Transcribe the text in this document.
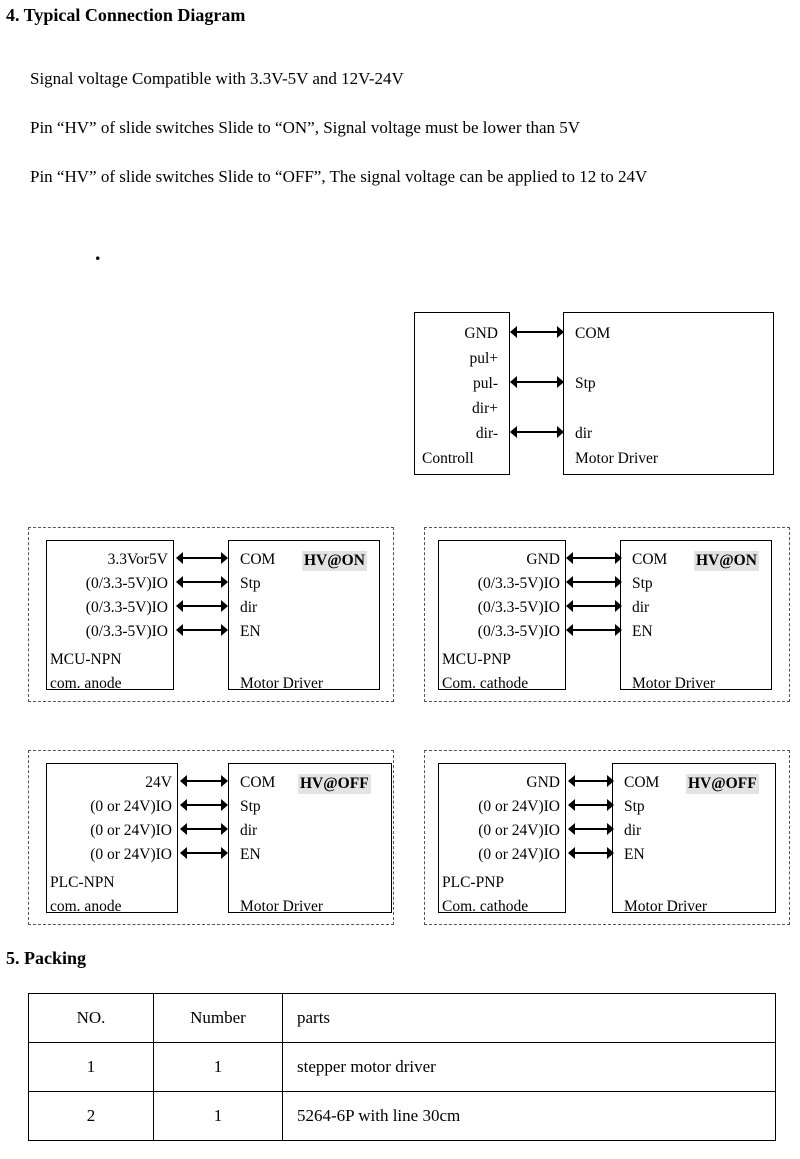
4. Typical Connection Diagram
Signal voltage Compatible with 3.3V-5V and 12V-24V
Pin “HV” of slide switches Slide to “ON”, Signal voltage must be lower than 5V
Pin “HV” of slide switches Slide to “OFF”, The signal voltage can be applied to 12 to 24V
.
GND
pul+
pul-
dir+
dir-
Controll
COM
Stp
dir
Motor Driver
3.3Vor5V
(0/3.3-5V)IO
(0/3.3-5V)IO
(0/3.3-5V)IO
MCU-NPN
com. anode
COM
Stp
dir
EN
Motor Driver
HV@ON	GND
(0/3.3-5V)IO
(0/3.3-5V)IO
(0/3.3-5V)IO
MCU-PNP
Com. cathode
COM
Stp
dir
EN
Motor Driver
HV@ON
24V
(0 or 24V)IO
(0 or 24V)IO
(0 or 24V)IO
PLC-NPN
com. anode
COM
Stp
dir
EN
Motor Driver
HV@OFF	GND
(0 or 24V)IO
(0 or 24V)IO
(0 or 24V)IO
PLC-PNP
Com. cathode
COM
Stp
dir
EN
Motor Driver
HV@OFF
5. Packing
NO.	Number	parts
1	1	stepper motor driver
2	1	5264-6P with line 30cm
